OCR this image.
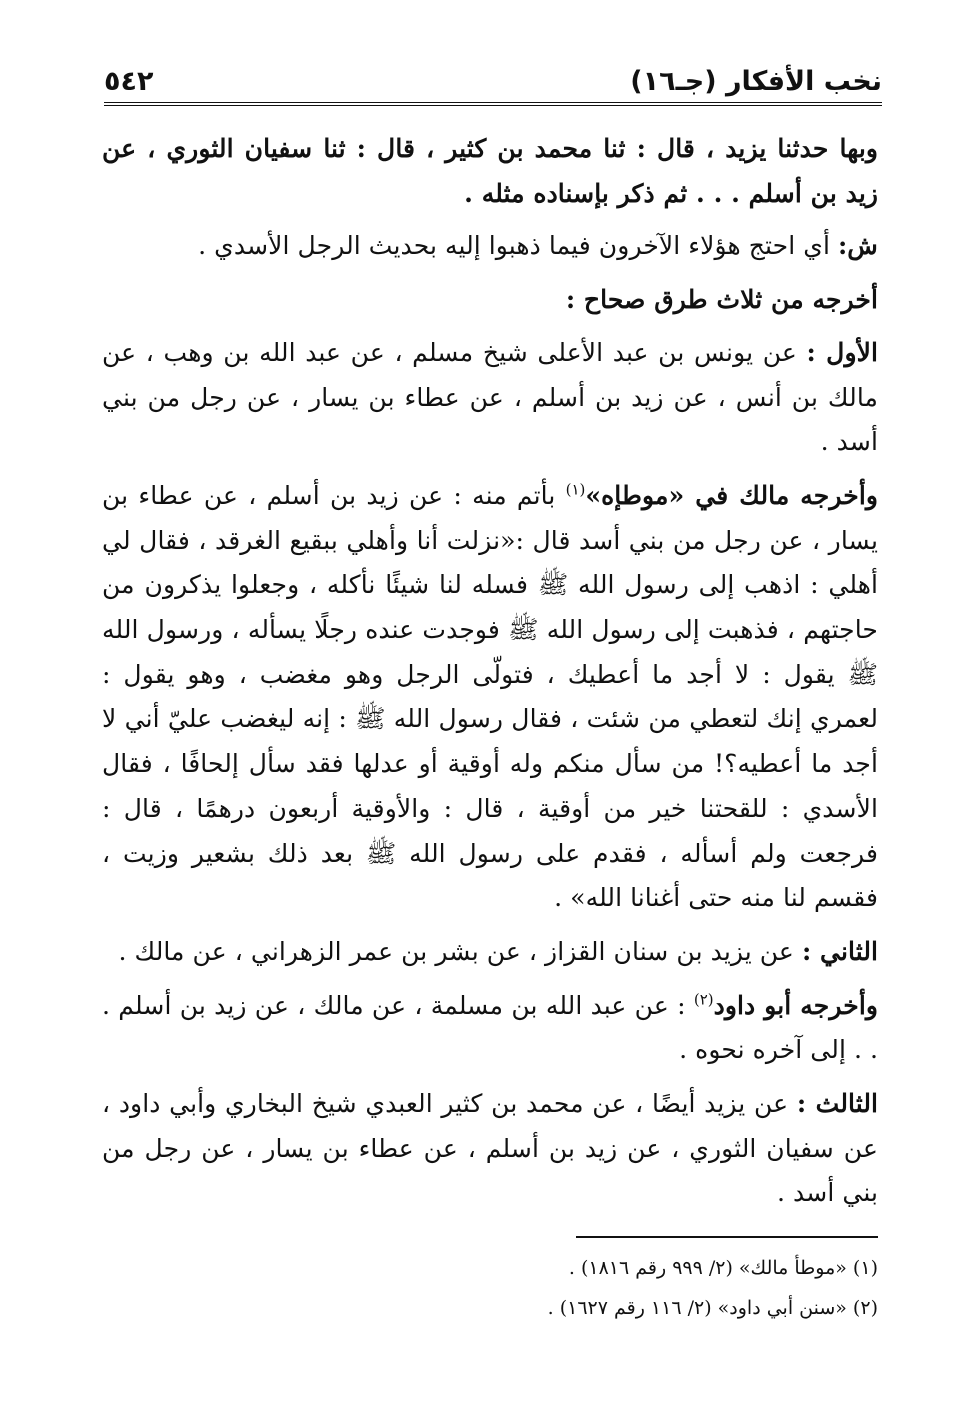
نخب الأفكار (جـ١٦)
٥٤٢

وبها حدثنا يزيد ، قال : ثنا محمد بن كثير ، قال : ثنا سفيان الثوري ، عن زيد بن أسلم . . . ثم ذكر بإسناده مثله .

ش: أي احتج هؤلاء الآخرون فيما ذهبوا إليه بحديث الرجل الأسدي .

أخرجه من ثلاث طرق صحاح :

الأول : عن يونس بن عبد الأعلى شيخ مسلم ، عن عبد الله بن وهب ، عن مالك بن أنس ، عن زيد بن أسلم ، عن عطاء بن يسار ، عن رجل من بني أسد .

وأخرجه مالك في «موطإه»$^{(١)}$ بأتم منه : عن زيد بن أسلم ، عن عطاء بن يسار ، عن رجل من بني أسد قال :«نزلت أنا وأهلي ببقيع الغرقد ، فقال لي أهلي : اذهب إلى رسول الله ﷺ فسله لنا شيئًا نأكله ، وجعلوا يذكرون من حاجتهم ، فذهبت إلى رسول الله ﷺ فوجدت عنده رجلًا يسأله ، ورسول الله ﷺ يقول : لا أجد ما أعطيك ، فتولّى الرجل وهو مغضب ، وهو يقول : لعمري إنك لتعطي من شئت ، فقال رسول الله ﷺ : إنه ليغضب عليّ أني لا أجد ما أعطيه؟! من سأل منكم وله أوقية أو عدلها فقد سأل إلحافًا ، فقال الأسدي : للقحتنا خير من أوقية ، قال : والأوقية أربعون درهمًا ، قال : فرجعت ولم أسأله ، فقدم على رسول الله ﷺ بعد ذلك بشعير وزيت ، فقسم لنا منه حتى أغنانا الله» .

الثاني : عن يزيد بن سنان القزاز ، عن بشر بن عمر الزهراني ، عن مالك .

وأخرجه أبو داود$^{(٢)}$ : عن عبد الله بن مسلمة ، عن مالك ، عن زيد بن أسلم . . . إلى آخره نحوه .

الثالث : عن يزيد أيضًا ، عن محمد بن كثير العبدي شيخ البخاري وأبي داود ، عن سفيان الثوري ، عن زيد بن أسلم ، عن عطاء بن يسار ، عن رجل من بني أسد .

(١) «موطأ مالك» (٢/ ٩٩٩ رقم ١٨١٦) .
(٢) «سنن أبي داود» (٢/ ١١٦ رقم ١٦٢٧) .
